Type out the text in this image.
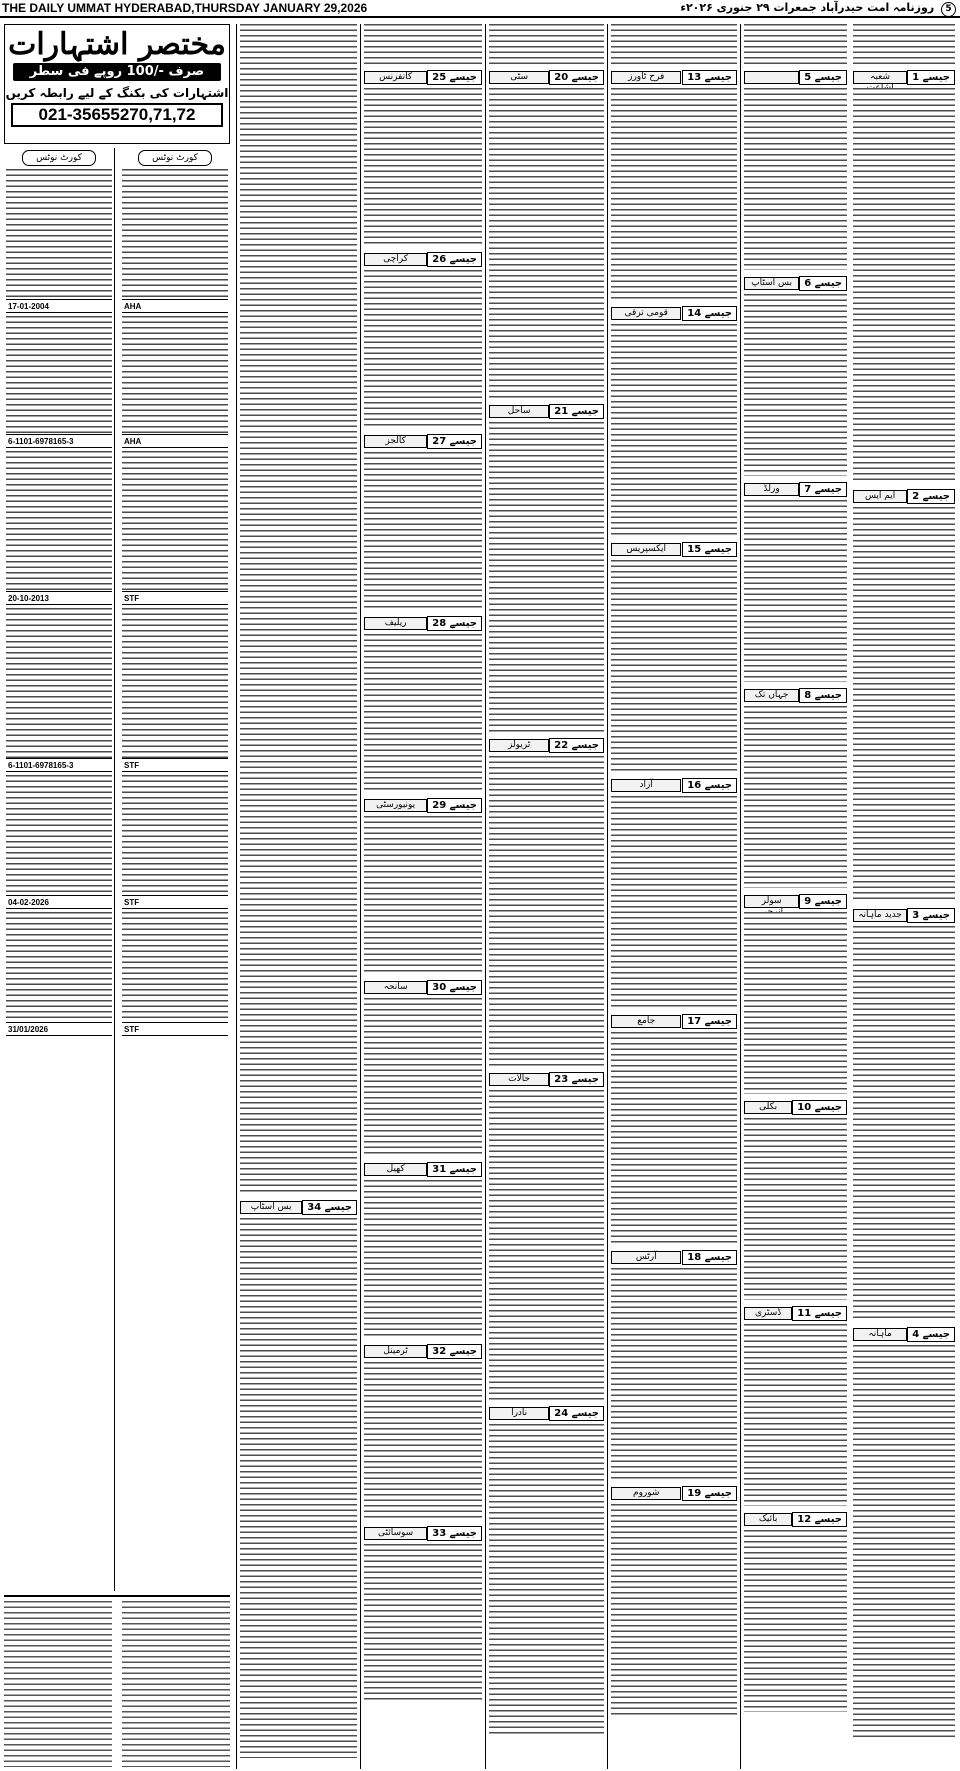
THE DAILY UMMAT HYDERABAD,THURSDAY JANUARY 29,2026	5 روزنامہ امت حیدرآباد جمعرات ۲۹ جنوری ۲۰۲۶ء
مختصر اشتہارات
صرف -/100 روپے فی سطر
اشتہارات کی بکنگ کے لیے رابطہ کریں
021-35655270,71,72
کورٹ نوٹس
AHA
AHA
STF
STF
STF
STF
کورٹ نوٹس
17-01-2004
6-1101-6978165-3
20-10-2013
6-1101-6978165-3
04-02-2026
31/01/2026
جیسے 1
شعبہ
جیسے 2
ایم ایس
جیسے 3
جدید ماہانہ
جیسے 4
ماہانہ
جیسے 5
جیسے 6
بس اسٹاپ
جیسے 7
ورلڈ
جیسے 8
جہاں تک
جیسے 9
سولر
جیسے 10
بکلی
جیسے 11
ڈسٹری
جیسے 12
بائیک
جیسے 13
فرح ٹاورز
جیسے 14
قومی ترقی
جیسے 15
ایکسپریس
جیسے 16
آزاد
جیسے 17
جامع
جیسے 18
آرٹس
جیسے 19
شوروم
جیسے 20
سٹی
جیسے 21
ساحل
جیسے 22
ٹریولز
جیسے 23
حالات
جیسے 24
نادرا
جیسے 25
کانفرنس
جیسے 26
کراچی
جیسے 27
کالجز
جیسے 28
ریلیف
جیسے 29
یونیورسٹی
جیسے 30
سانحہ
جیسے 31
کھیل
جیسے 32
ٹرمینل
جیسے 33
سوسائٹی
جیسے 34
بس اسٹاپ
